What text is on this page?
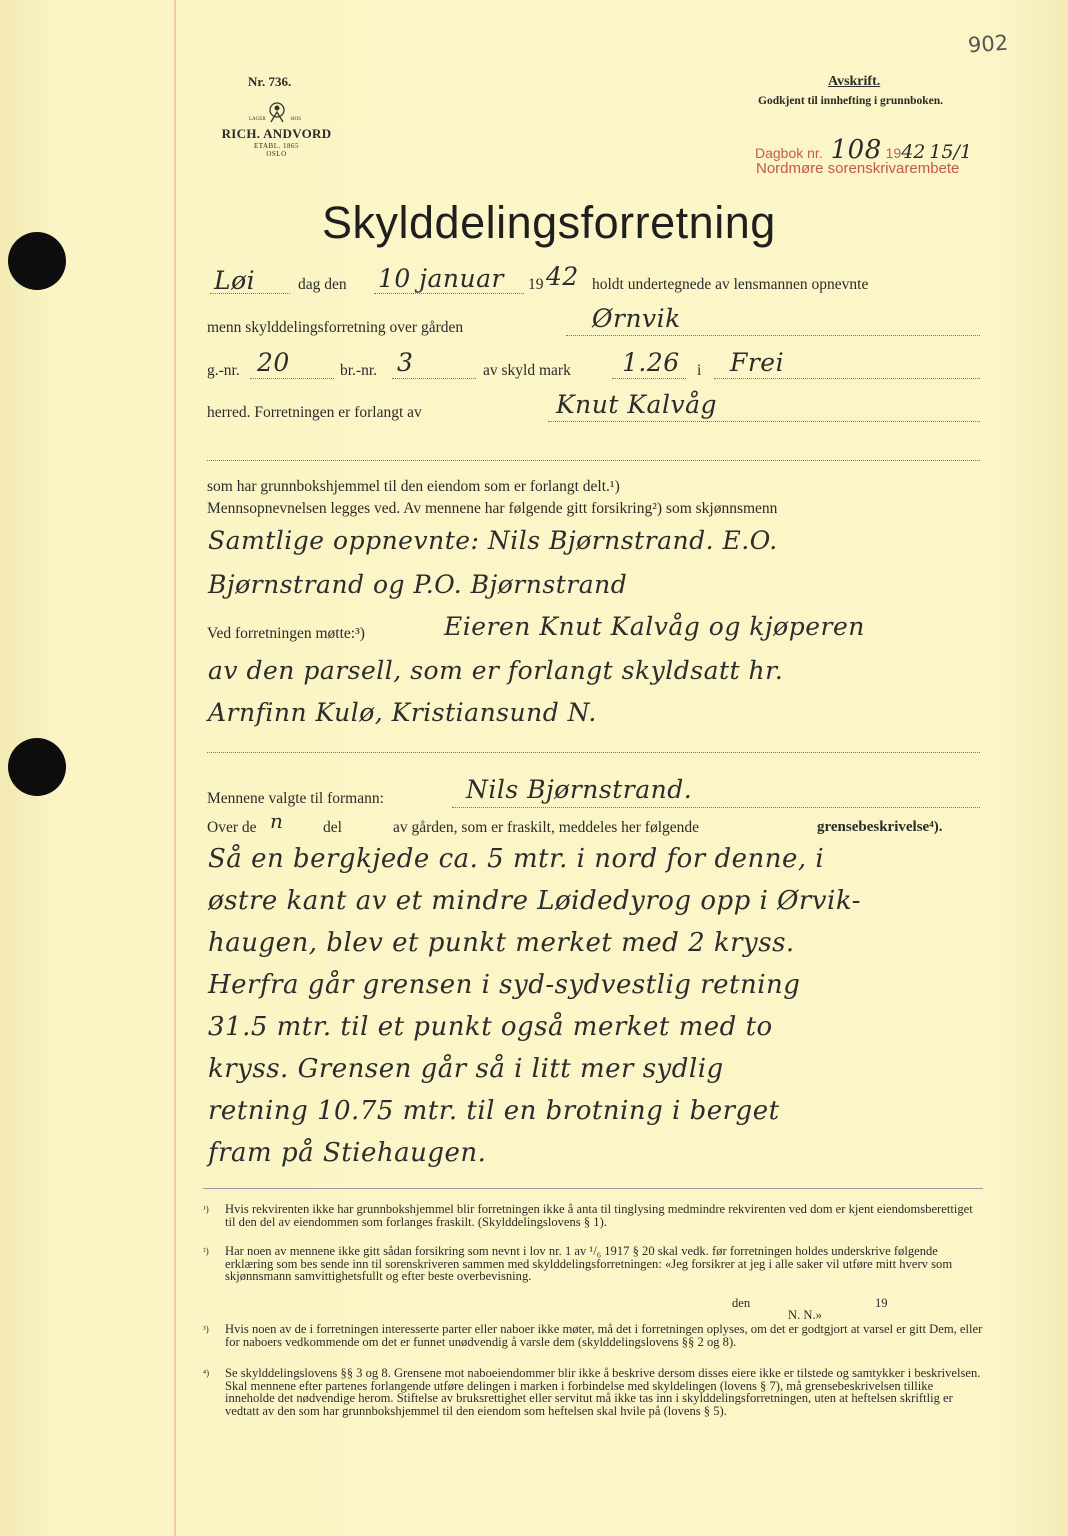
902
Nr. 736.
LAGER	HOS
RICH. ANDVORD
ETABL. 1865
OSLO
Avskrift.
Godkjent til innhefting i grunnboken.
Dagbok nr. 108 1942 15/1
Nordmøre sorenskrivarembete
Skylddelingsforretning
Løi	dag den 10 januar 19 42 holdt undertegnede av lensmannen opnevnte
menn skylddelingsforretning over gården	Ørnvik
g.-nr. 20	br.-nr. 3	av skyld mark 1.26 i Frei
herred. Forretningen er forlangt av	Knut Kalvåg
som har grunnbokshjemmel til den eiendom som er forlangt delt.¹)
Mennsopnevnelsen legges ved. Av mennene har følgende gitt forsikring²) som skjønnsmenn
Samtlige oppnevnte: Nils Bjørnstrand. E.O.
Bjørnstrand og P.O. Bjørnstrand
Ved forretningen møtte:³)	Eieren Knut Kalvåg og kjøperen
av den parsell, som er forlangt skyldsatt hr.
Arnfinn Kulø, Kristiansund N.
Mennene valgte til formann:	Nils Bjørnstrand.
Over de n	del	av gården, som er fraskilt, meddeles her følgende	grensebeskrivelse⁴).
Så en bergkjede ca. 5 mtr. i nord for denne, i
østre kant av et mindre Løidedyrog opp i Ørvik-
haugen, blev et punkt merket med 2 kryss.
Herfra går grensen i syd-sydvestlig retning
31.5 mtr. til et punkt også merket med to
kryss. Grensen går så i litt mer sydlig
retning 10.75 mtr. til en brotning i berget
fram på Stiehaugen.
¹) Hvis rekvirenten ikke har grunnbokshjemmel blir forretningen ikke å anta til tinglysing medmindre rekvirenten ved dom er kjent eiendomsberettiget til den del av eiendommen som forlanges fraskilt. (Skylddelingslovens § 1).
²) Har noen av mennene ikke gitt sådan forsikring som nevnt i lov nr. 1 av ¹/₆ 1917 § 20 skal vedk. før forretningen holdes underskrive følgende erklæring som bes sende inn til sorenskriveren sammen med skylddelingsforretningen: «Jeg forsikrer at jeg i alle saker vil utføre mitt hverv som skjønnsmann samvittighetsfullt og efter beste overbevisning.
den	19
N. N.»
³) Hvis noen av de i forretningen interesserte parter eller naboer ikke møter, må det i forretningen oplyses, om det er godtgjort at varsel er gitt Dem, eller for naboers vedkommende om det er funnet unødvendig å varsle dem (skylddelingslovens §§ 2 og 8).
⁴) Se skylddelingslovens §§ 3 og 8. Grensene mot naboeiendommer blir ikke å beskrive dersom disses eiere ikke er tilstede og samtykker i beskrivelsen. Skal mennene efter partenes forlangende utføre delingen i marken i forbindelse med skyldelingen (lovens § 7), må grensebeskrivelsen tillike inneholde det nødvendige herom. Stiftelse av bruksrettighet eller servitut må ikke tas inn i skylddelingsforretningen, uten at heftelsen skriftlig er vedtatt av den som har grunnbokshjemmel til den eiendom som heftelsen skal hvile på (lovens § 5).
